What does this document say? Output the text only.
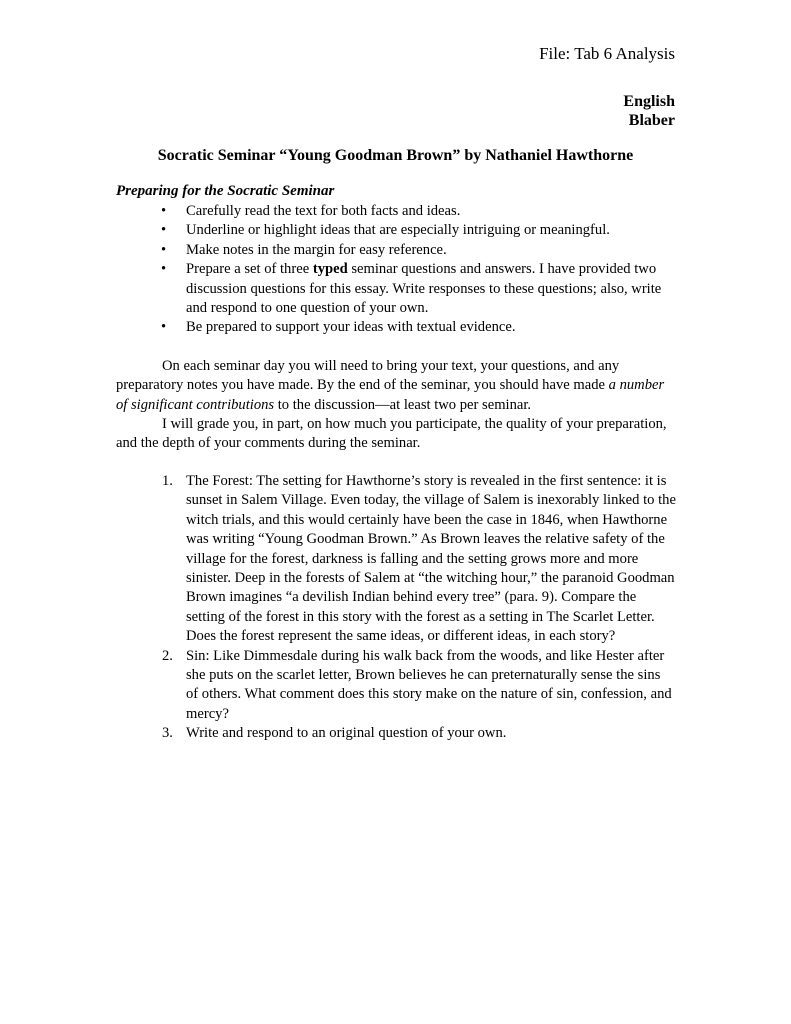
File: Tab 6 Analysis
English
Blaber
Socratic Seminar “Young Goodman Brown” by Nathaniel Hawthorne
Preparing for the Socratic Seminar
• Carefully read the text for both facts and ideas.
• Underline or highlight ideas that are especially intriguing or meaningful.
• Make notes in the margin for easy reference.
• Prepare a set of three typed seminar questions and answers. I have provided two discussion questions for this essay. Write responses to these questions; also, write and respond to one question of your own.
• Be prepared to support your ideas with textual evidence.

On each seminar day you will need to bring your text, your questions, and any preparatory notes you have made. By the end of the seminar, you should have made a number of significant contributions to the discussion—at least two per seminar.

I will grade you, in part, on how much you participate, the quality of your preparation, and the depth of your comments during the seminar.

1. The Forest: The setting for Hawthorne’s story is revealed in the first sentence: it is sunset in Salem Village. Even today, the village of Salem is inexorably linked to the witch trials, and this would certainly have been the case in 1846, when Hawthorne was writing “Young Goodman Brown.” As Brown leaves the relative safety of the village for the forest, darkness is falling and the setting grows more and more sinister. Deep in the forests of Salem at “the witching hour,” the paranoid Goodman Brown imagines “a devilish Indian behind every tree” (para. 9). Compare the setting of the forest in this story with the forest as a setting in The Scarlet Letter. Does the forest represent the same ideas, or different ideas, in each story?
2. Sin: Like Dimmesdale during his walk back from the woods, and like Hester after she puts on the scarlet letter, Brown believes he can preternaturally sense the sins of others. What comment does this story make on the nature of sin, confession, and mercy?
3. Write and respond to an original question of your own.
